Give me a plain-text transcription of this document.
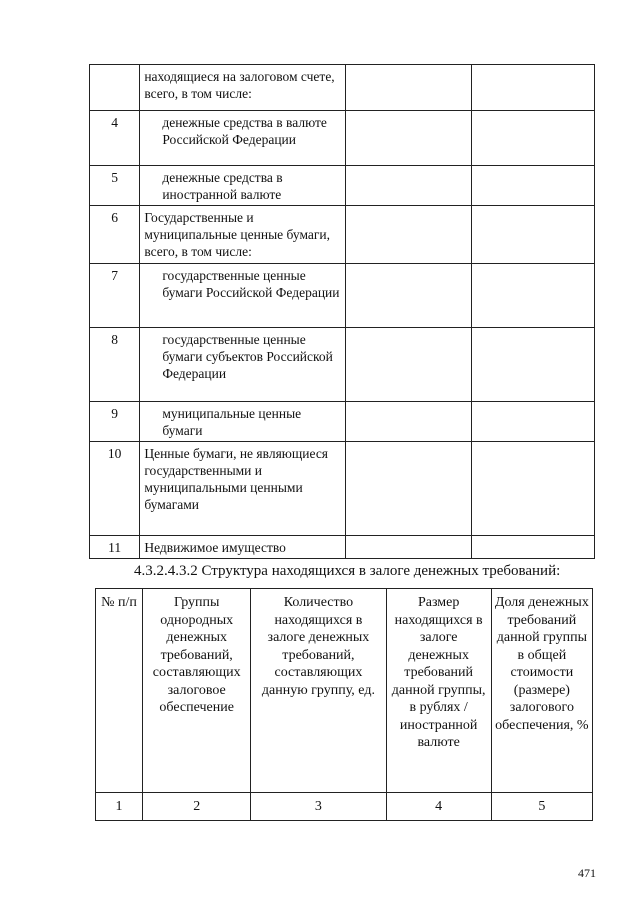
	находящиеся на залоговом счете, всего, в том числе:		
4	денежные средства в валюте Российской Федерации		
5	денежные средства в иностранной валюте		
6	Государственные и муниципальные ценные бумаги, всего, в том числе:		
7	государственные ценные бумаги Российской Федерации		
8	государственные ценные бумаги субъектов Российской Федерации		
9	муниципальные ценные бумаги		
10	Ценные бумаги, не являющиеся государственными и муниципальными ценными бумагами		
11	Недвижимое имущество		
4.3.2.4.3.2 Структура находящихся в залоге денежных требований:
№ п/п	Группы однородных денежных требований, составляющих залоговое обеспечение	Количество находящихся в залоге денежных требований, составляющих данную группу, ед.	Размер находящихся в залоге денежных требований данной группы, в рублях / иностранной валюте	Доля денежных требований данной группы в общей стоимости (размере) залогового обеспечения, %
1	2	3	4	5
471
